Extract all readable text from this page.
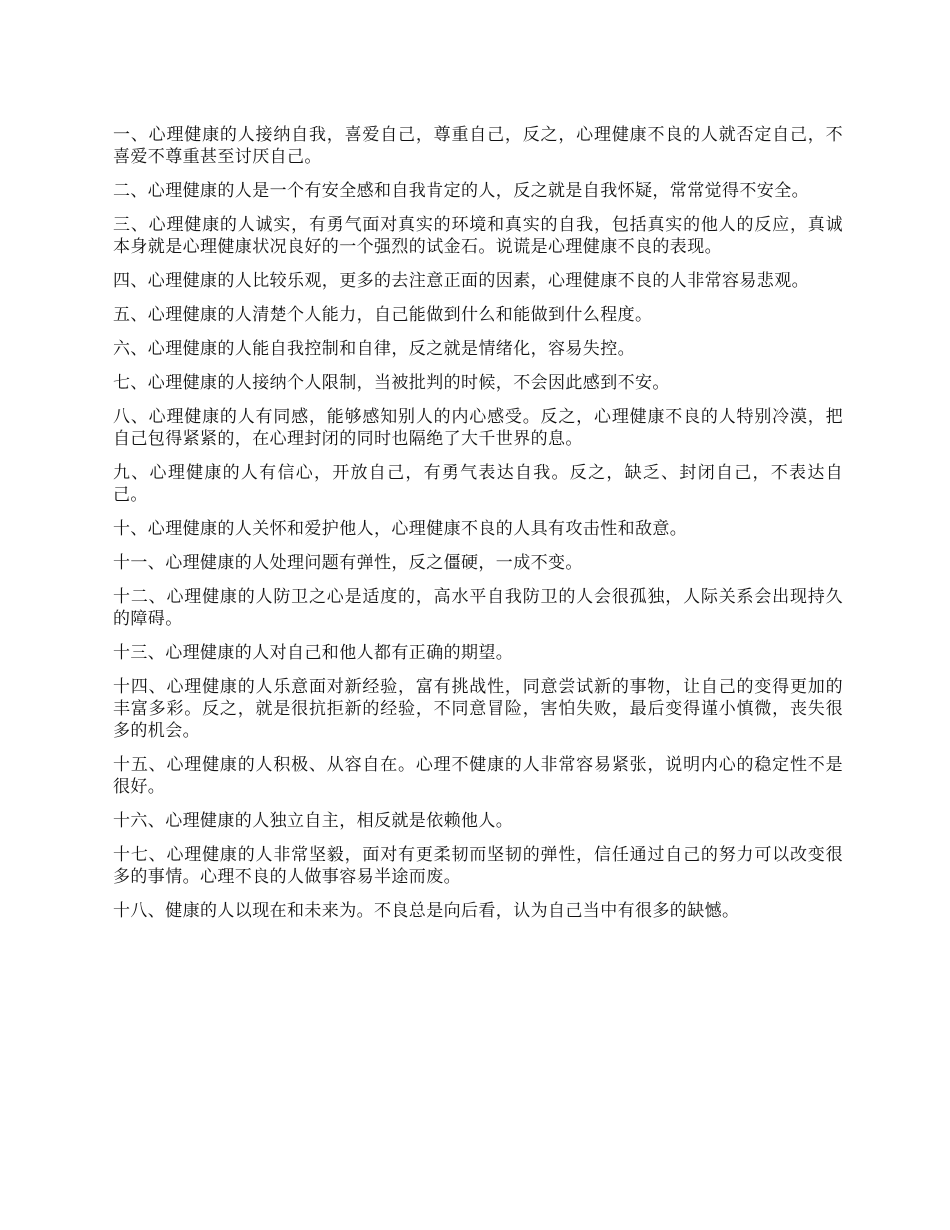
一、心理健康的人接纳自我，喜爱自己，尊重自己，反之，心理健康不良的人就否定自己，不喜爱不尊重甚至讨厌自己。

二、心理健康的人是一个有安全感和自我肯定的人，反之就是自我怀疑，常常觉得不安全。

三、心理健康的人诚实，有勇气面对真实的环境和真实的自我，包括真实的他人的反应，真诚本身就是心理健康状况良好的一个强烈的试金石。说谎是心理健康不良的表现。

四、心理健康的人比较乐观，更多的去注意正面的因素，心理健康不良的人非常容易悲观。

五、心理健康的人清楚个人能力，自己能做到什么和能做到什么程度。

六、心理健康的人能自我控制和自律，反之就是情绪化，容易失控。

七、心理健康的人接纳个人限制，当被批判的时候，不会因此感到不安。

八、心理健康的人有同感，能够感知别人的内心感受。反之，心理健康不良的人特别冷漠，把自己包得紧紧的，在心理封闭的同时也隔绝了大千世界的息。

九、心理健康的人有信心，开放自己，有勇气表达自我。反之，缺乏、封闭自己，不表达自己。

十、心理健康的人关怀和爱护他人，心理健康不良的人具有攻击性和敌意。

十一、心理健康的人处理问题有弹性，反之僵硬，一成不变。

十二、心理健康的人防卫之心是适度的，高水平自我防卫的人会很孤独，人际关系会出现持久的障碍。

十三、心理健康的人对自己和他人都有正确的期望。

十四、心理健康的人乐意面对新经验，富有挑战性，同意尝试新的事物，让自己的变得更加的丰富多彩。反之，就是很抗拒新的经验，不同意冒险，害怕失败，最后变得谨小慎微，丧失很多的机会。

十五、心理健康的人积极、从容自在。心理不健康的人非常容易紧张，说明内心的稳定性不是很好。

十六、心理健康的人独立自主，相反就是依赖他人。

十七、心理健康的人非常坚毅，面对有更柔韧而坚韧的弹性，信任通过自己的努力可以改变很多的事情。心理不良的人做事容易半途而废。

十八、健康的人以现在和未来为。不良总是向后看，认为自己当中有很多的缺憾。
